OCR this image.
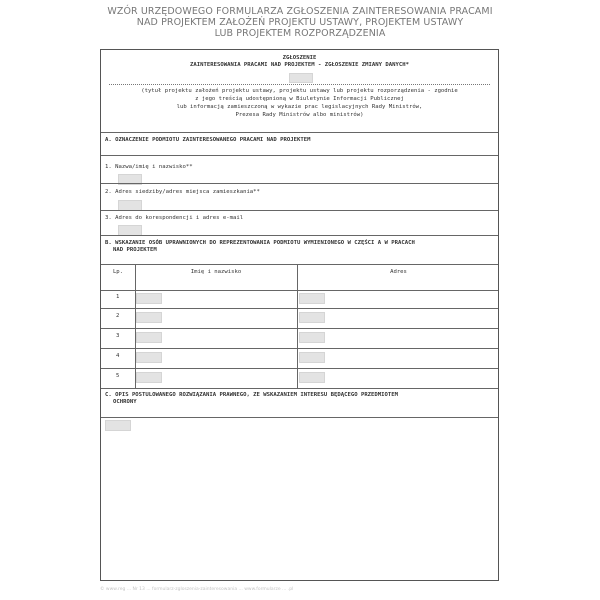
WZÓR URZĘDOWEGO FORMULARZA ZGŁOSZENIA ZAINTERESOWANIA PRACAMI
NAD PROJEKTEM ZAŁOŻEŃ PROJEKTU USTAWY, PROJEKTEM USTAWY
LUB PROJEKTEM ROZPORZĄDZENIA
ZGŁOSZENIE
ZAINTERESOWANIA PRACAMI NAD PROJEKTEM - ZGŁOSZENIE ZMIANY DANYCH*
(tytuł projektu założeń projektu ustawy, projektu ustawy lub projektu rozporządzenia - zgodnie
z jego treścią udostępnioną w Biuletynie Informacji Publicznej
lub informacją zamieszczoną w wykazie prac legislacyjnych Rady Ministrów,
Prezesa Rady Ministrów albo ministrów)
A. OZNACZENIE PODMIOTU ZAINTERESOWANEGO PRACAMI NAD PROJEKTEM
1. Nazwa/imię i nazwisko**
2. Adres siedziby/adres miejsca zamieszkania**
3. Adres do korespondencji i adres e-mail
B. WSKAZANIE OSÓB UPRAWNIONYCH DO REPREZENTOWANIA PODMIOTU WYMIENIONEGO W CZĘŚCI A W PRACACH
NAD PROJEKTEM
Lp.	Imię i nazwisko	Adres
1
2
3
4
5
C. OPIS POSTULOWANEGO ROZWIĄZANIA PRAWNEGO, ZE WSKAZANIEM INTERESU BĘDĄCEGO PRZEDMIOTEM
OCHRONY
© www.reg ... Nr 13 ... formularz-zgloszenia-zainteresowania ... www.formularze ... .pl
